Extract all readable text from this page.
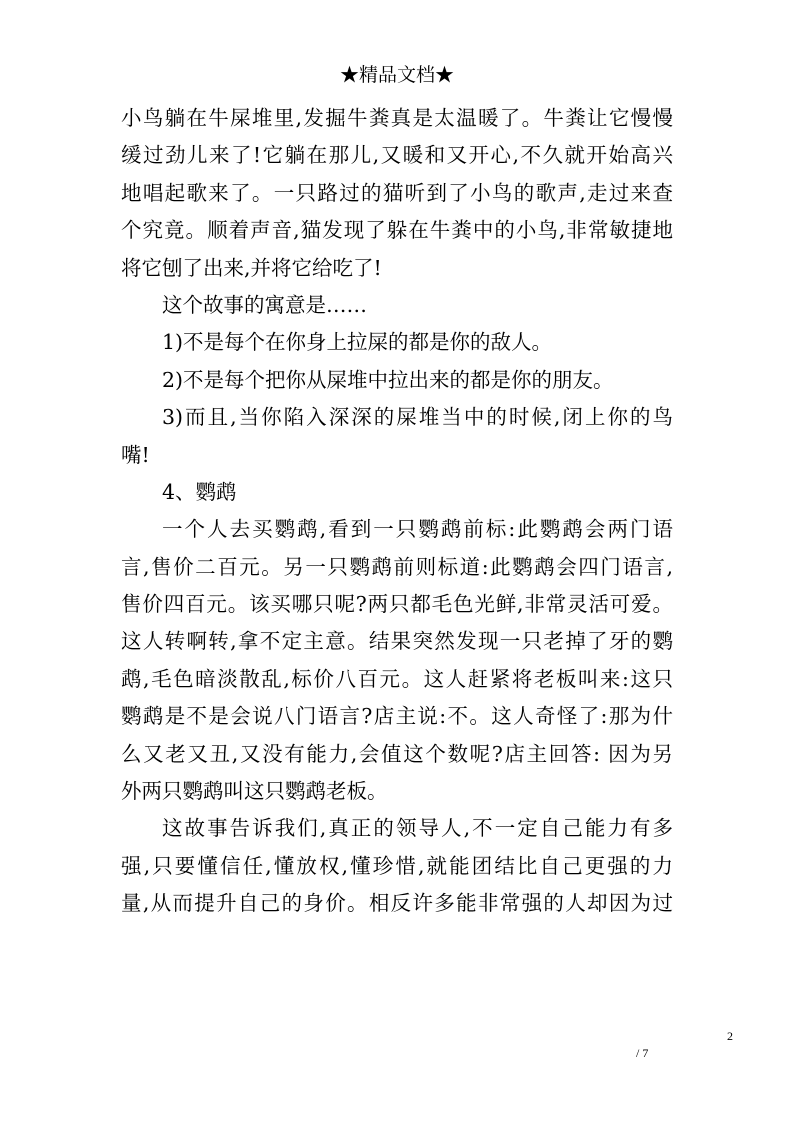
★精品文档★
小鸟躺在牛屎堆里,发掘牛粪真是太温暖了。牛粪让它慢慢
缓过劲儿来了!它躺在那儿,又暖和又开心,不久就开始高兴
地唱起歌来了。一只路过的猫听到了小鸟的歌声,走过来查
个究竟。顺着声音,猫发现了躲在牛粪中的小鸟,非常敏捷地
将它刨了出来,并将它给吃了!
这个故事的寓意是……
1)不是每个在你身上拉屎的都是你的敌人。
2)不是每个把你从屎堆中拉出来的都是你的朋友。
3)而且,当你陷入深深的屎堆当中的时候,闭上你的鸟
嘴!
4、鹦鹉
一个人去买鹦鹉,看到一只鹦鹉前标:此鹦鹉会两门语
言,售价二百元。另一只鹦鹉前则标道:此鹦鹉会四门语言,
售价四百元。该买哪只呢?两只都毛色光鲜,非常灵活可爱。
这人转啊转,拿不定主意。结果突然发现一只老掉了牙的鹦
鹉,毛色暗淡散乱,标价八百元。这人赶紧将老板叫来:这只
鹦鹉是不是会说八门语言?店主说:不。这人奇怪了:那为什
么又老又丑,又没有能力,会值这个数呢?店主回答: 因为另
外两只鹦鹉叫这只鹦鹉老板。
这故事告诉我们,真正的领导人,不一定自己能力有多
强,只要懂信任,懂放权,懂珍惜,就能团结比自己更强的力
量,从而提升自己的身价。相反许多能非常强的人却因为过
2
/ 7
